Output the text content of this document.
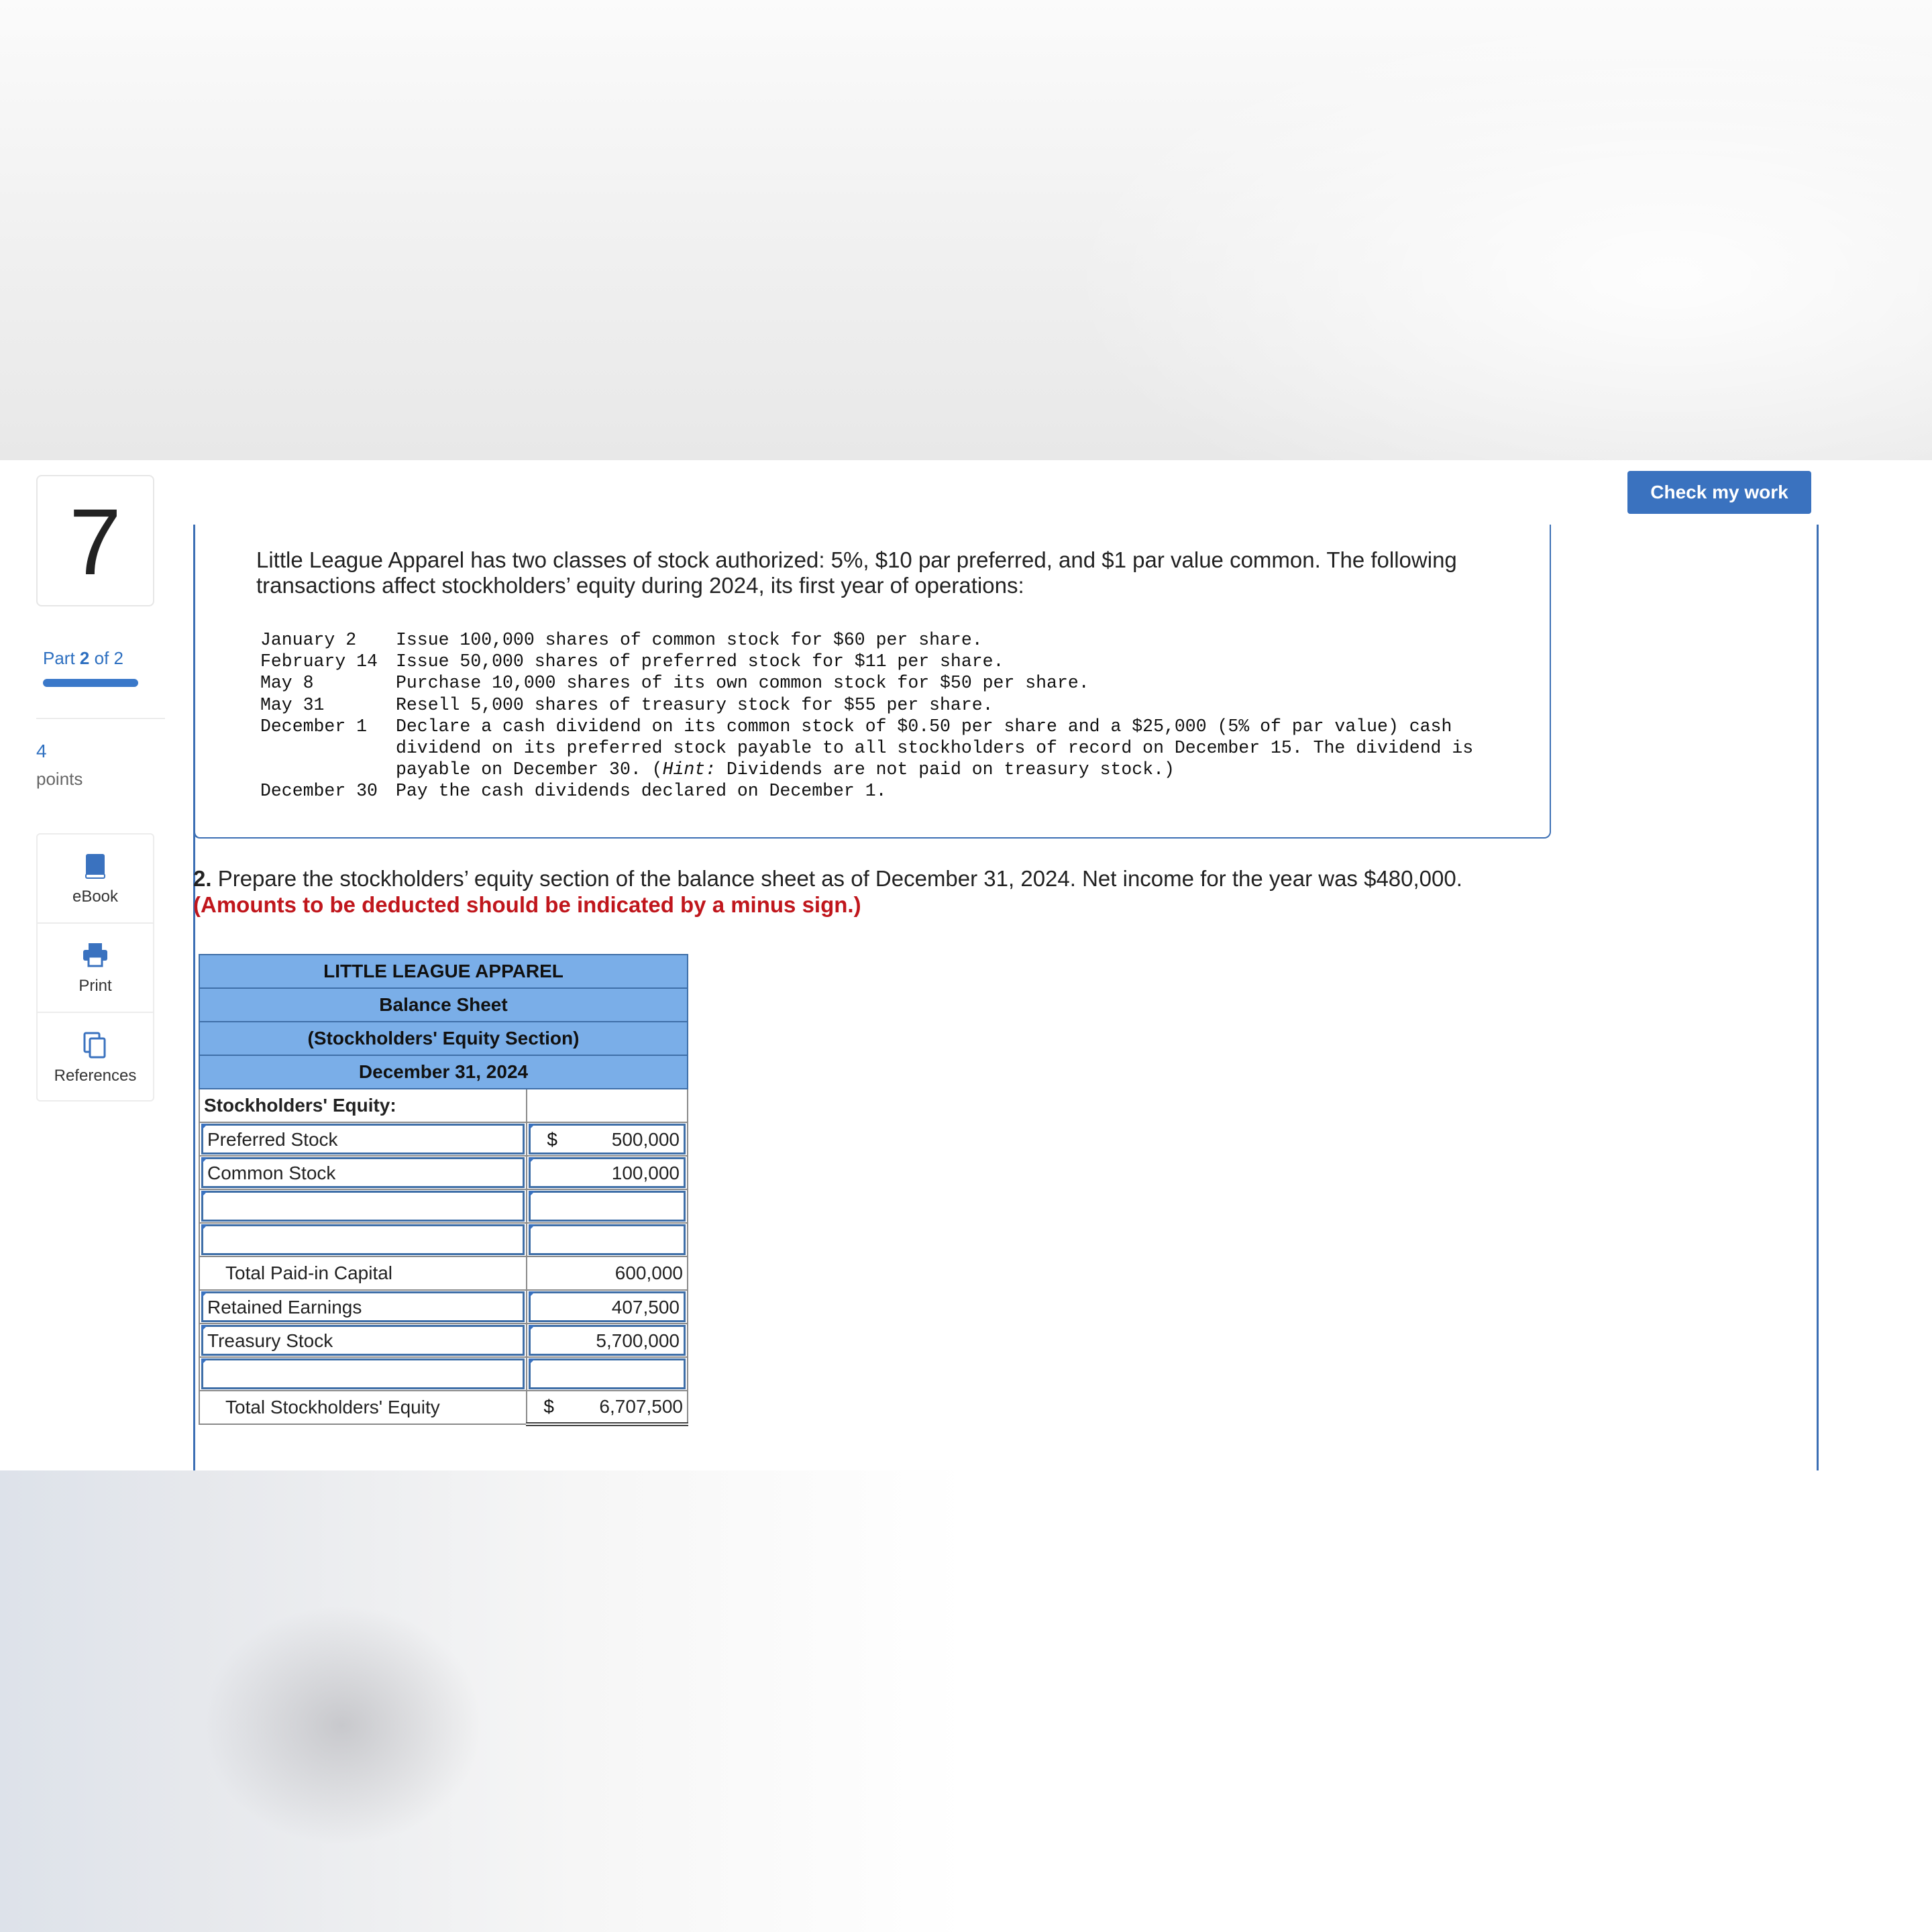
7
Part 2 of 2
4
points
eBook
Print
References
Check my work
Little League Apparel has two classes of stock authorized: 5%, $10 par preferred, and $1 par value common. The following transactions affect stockholders’ equity during 2024, its first year of operations:
January 2	Issue 100,000 shares of common stock for $60 per share.
February 14	Issue 50,000 shares of preferred stock for $11 per share.
May 8	Purchase 10,000 shares of its own common stock for $50 per share.
May 31	Resell 5,000 shares of treasury stock for $55 per share.
December 1	Declare a cash dividend on its common stock of $0.50 per share and a $25,000 (5% of par value) cash dividend on its preferred stock payable to all stockholders of record on December 15. The dividend is payable on December 30. (Hint: Dividends are not paid on treasury stock.)
December 30	Pay the cash dividends declared on December 1.
2. Prepare the stockholders’ equity section of the balance sheet as of December 31, 2024. Net income for the year was $480,000.
(Amounts to be deducted should be indicated by a minus sign.)
LITTLE LEAGUE APPAREL	
Balance Sheet	
(Stockholders' Equity Section)	
December 31, 2024	
Stockholders' Equity:	

Preferred Stock	$ 500,000

Common Stock	100,000

Total Paid-in Capital	600,000

Retained Earnings	407,500

Treasury Stock	5,700,000

Total Stockholders' Equity	$ 6,707,500
